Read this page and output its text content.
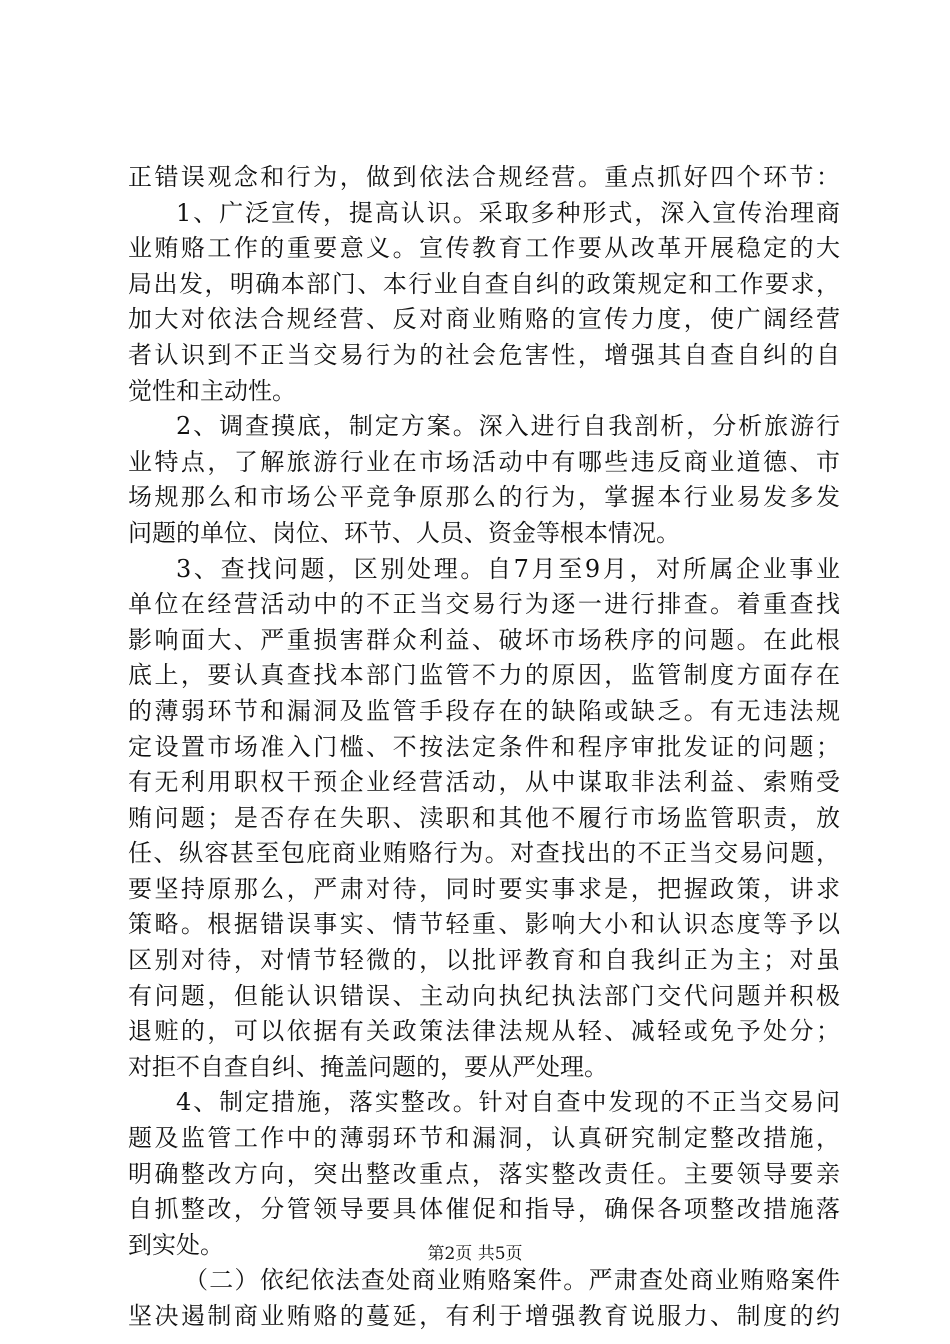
正错误观念和行为，做到依法合规经营。重点抓好四个环节：
1、广泛宣传，提高认识。采取多种形式，深入宣传治理商
业贿赂工作的重要意义。宣传教育工作要从改革开展稳定的大
局出发，明确本部门、本行业自查自纠的政策规定和工作要求，
加大对依法合规经营、反对商业贿赂的宣传力度，使广阔经营
者认识到不正当交易行为的社会危害性，增强其自查自纠的自
觉性和主动性。
2、调查摸底，制定方案。深入进行自我剖析，分析旅游行
业特点，了解旅游行业在市场活动中有哪些违反商业道德、市
场规那么和市场公平竞争原那么的行为，掌握本行业易发多发
问题的单位、岗位、环节、人员、资金等根本情况。
3、查找问题，区别处理。自7月至9月，对所属企业事业
单位在经营活动中的不正当交易行为逐一进行排查。着重查找
影响面大、严重损害群众利益、破坏市场秩序的问题。在此根
底上，要认真查找本部门监管不力的原因，监管制度方面存在
的薄弱环节和漏洞及监管手段存在的缺陷或缺乏。有无违法规
定设置市场准入门槛、不按法定条件和程序审批发证的问题；
有无利用职权干预企业经营活动，从中谋取非法利益、索贿受
贿问题；是否存在失职、渎职和其他不履行市场监管职责，放
任、纵容甚至包庇商业贿赂行为。对查找出的不正当交易问题，
要坚持原那么，严肃对待，同时要实事求是，把握政策，讲求
策略。根据错误事实、情节轻重、影响大小和认识态度等予以
区别对待，对情节轻微的，以批评教育和自我纠正为主；对虽
有问题，但能认识错误、主动向执纪执法部门交代问题并积极
退赃的，可以依据有关政策法律法规从轻、减轻或免予处分；
对拒不自查自纠、掩盖问题的，要从严处理。
4、制定措施，落实整改。针对自查中发现的不正当交易问
题及监管工作中的薄弱环节和漏洞，认真研究制定整改措施，
明确整改方向，突出整改重点，落实整改责任。主要领导要亲
自抓整改，分管领导要具体催促和指导，确保各项整改措施落
到实处。
（二）依纪依法查处商业贿赂案件。严肃查处商业贿赂案件
坚决遏制商业贿赂的蔓延，有利于增强教育说服力、制度的约
第2页 共5页
